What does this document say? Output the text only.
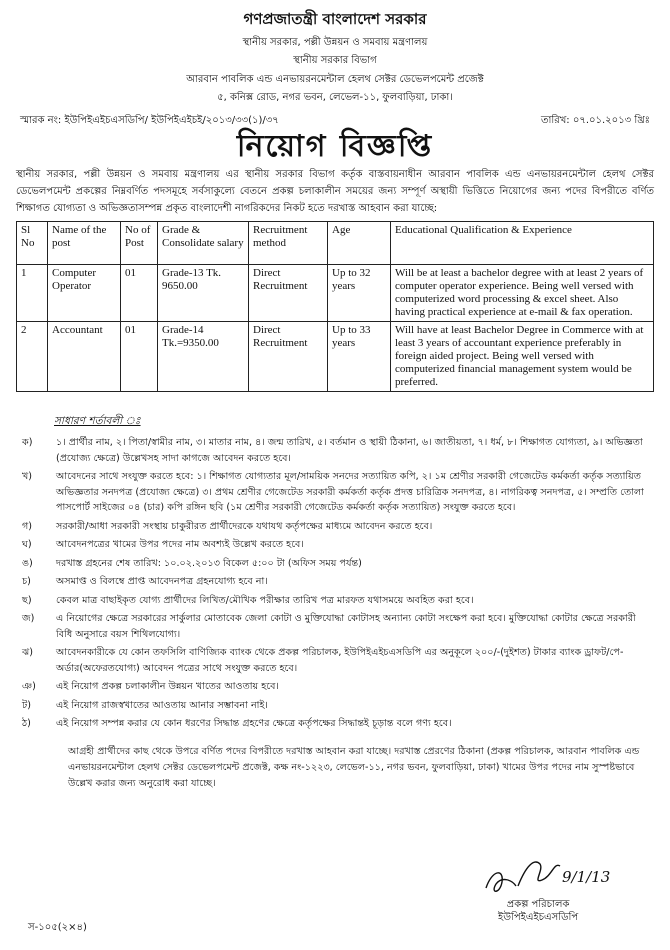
গণপ্রজাতন্ত্রী বাংলাদেশ সরকার
স্থানীয় সরকার, পল্লী উন্নয়ন ও সমবায় মন্ত্রণালয়
স্থানীয় সরকার বিভাগ
আরবান পাবলিক এন্ড এনভায়রনমেন্টাল হেলথ সেক্টর ডেভেলপমেন্ট প্রজেক্ট
৫, কনিক্স রোড, নগর ভবন, লেভেল-১১, ফুলবাড়িয়া, ঢাকা।
স্মারক নং: ইউপিইএইচএসডিপি/ ইউপিইএইচই/২০১৩/৩৩(১)/৩৭	তারিখ: ০৭.০১.২০১৩ খ্রিঃ
নিয়োগ বিজ্ঞপ্তি
স্থানীয় সরকার, পল্লী উন্নয়ন ও সমবায় মন্ত্রণালয় এর স্থানীয় সরকার বিভাগ কর্তৃক বাস্তবায়নাধীন আরবান পাবলিক এন্ড এনভায়রনমেন্টাল হেলথ সেক্টর ডেভেলপমেন্ট প্রকল্পের নিম্নবর্ণিত পদসমূহে সর্বসাকুল্যে বেতনে প্রকল্প চলাকালীন সময়ের জন্য সম্পূর্ণ অস্থায়ী ভিত্তিতে নিয়োগের জন্য পদের বিপরীতে বর্ণিত শিক্ষাগত যোগ্যতা ও অভিজ্ঞতাসম্পন্ন প্রকৃত বাংলাদেশী নাগরিকদের নিকট হতে দরখাস্ত আহবান করা যাচ্ছে:
Sl No	Name of the post	No of Post	Grade & Consolidate salary	Recruitment method	Age	Educational Qualification & Experience
1	Computer Operator	01	Grade-13 Tk. 9650.00	Direct Recruitment	Up to 32 years	Will be at least a bachelor degree with at least 2 years of computer operator experience. Being well versed with computerized word processing & excel sheet. Also having practical experience at e-mail & fax operation.
2	Accountant	01	Grade-14 Tk.=9350.00	Direct Recruitment	Up to 33 years	Will have at least Bachelor Degree in Commerce with at least 3 years of accountant experience preferably in foreign aided project. Being well versed with computerized financial management system would be preferred.
সাধারণ শর্তাবলী ঃ
ক)	১। প্রার্থীর নাম, ২। পিতা/স্বামীর নাম, ৩। মাতার নাম, ৪। জন্ম তারিখ, ৫। বর্তমান ও স্থায়ী ঠিকানা, ৬। জাতীয়তা, ৭। ধর্ম, ৮। শিক্ষাগত যোগ্যতা, ৯। অভিজ্ঞতা (প্রযোজ্য ক্ষেত্রে) উল্লেখসহ সাদা কাগজে আবেদন করতে হবে।
খ)	আবেদনের সাথে সংযুক্ত করতে হবে: ১। শিক্ষাগত যোগ্যতার মূল/সাময়িক সনদের সত্যায়িত কপি, ২। ১ম শ্রেণীর সরকারী গেজেটেড কর্মকর্তা কর্তৃক সত্যায়িত অভিজ্ঞতার সনদপত্র (প্রযোজ্য ক্ষেত্রে) ৩। প্রথম শ্রেণীর গেজেটেড সরকারী কর্মকর্তা কর্তৃক প্রদত্ত চারিত্রিক সনদপত্র, ৪। নাগরিকত্ব সনদপত্র, ৫। সম্প্রতি তোলা পাসপোর্ট সাইজের ০৪ (চার) কপি রঙ্গিন ছবি (১ম শ্রেণীর সরকারী গেজেটেড কর্মকর্তা কর্তৃক সত্যায়িত) সংযুক্ত করতে হবে।
গ)	সরকারী/আধা সরকারী সংস্থায় চাকুরীরত প্রার্থীদেরকে যথাযথ কর্তৃপক্ষের মাধ্যমে আবেদন করতে হবে।
ঘ)	আবেদনপত্রের খামের উপর পদের নাম অবশ্যই উল্লেখ করতে হবে।
ঙ)	দরখাস্ত গ্রহনের শেষ তারিখ: ১০.০২.২০১৩ বিকেল ৫:০০ টা (অফিস সময় পর্যন্ত)
চ)	অসমাপ্ত ও বিলম্বে প্রাপ্ত আবেদনপত্র গ্রহনযোগ্য হবে না।
ছ)	কেবল মাত্র বাছাইকৃত যোগ্য প্রার্থীদের লিখিত/মৌখিক পরীক্ষার তারিখ পত্র মারফত যথাসময়ে অবহিত করা হবে।
জ)	এ নিয়োগের ক্ষেত্রে সরকারের সার্কুলার মোতাবেক জেলা কোটা ও মুক্তিযোদ্ধা কোটাসহ অন্যান্য কোটা সংক্ষেপ করা হবে। মুক্তিযোদ্ধা কোটার ক্ষেত্রে সরকারী বিধি অনুসারে বয়স শিথিলযোগ্য।
ঝ)	আবেদনকারীকে যে কোন তফসিলি বাণিজ্যিক ব্যাংক থেকে প্রকল্প পরিচালক, ইউপিইএইচএসডিপি এর অনুকূলে ২০০/-(দুইশত) টাকার ব্যাংক ড্রাফট/পে-অর্ডার(অফেরতযোগ্য) আবেদন পত্রের সাথে সংযুক্ত করতে হবে।
ঞ)	এই নিয়োগ প্রকল্প চলাকালীন উন্নয়ন খাতের আওতায় হবে।
ট)	এই নিয়োগ রাজস্বখাতের আওতায় আনার সম্ভাবনা নাই।
ঠ)	এই নিয়োগ সম্পন্ন করার যে কোন ধরণের সিদ্ধান্ত গ্রহণের ক্ষেত্রে কর্তৃপক্ষের সিদ্ধান্তই চূড়ান্ত বলে গণ্য হবে।
আগ্রহী প্রার্থীদের কাছ থেকে উপরে বর্ণিত পদের বিপরীতে দরখাস্ত আহবান করা যাচ্ছে। দরখাস্ত প্রেরণের ঠিকানা (প্রকল্প পরিচালক, আরবান পাবলিক এন্ড এনভায়রনমেন্টাল হেলথ সেক্টর ডেভেলপমেন্ট প্রজেক্ট, কক্ষ নং-১২২৩, লেভেল-১১, নগর ভবন, ফুলবাড়িয়া, ঢাকা) খামের উপর পদের নাম সুস্পষ্টভাবে উল্লেখ করার জন্য অনুরোধ করা যাচ্ছে।
9/1/13
প্রকল্প পরিচালক
ইউপিইএইচএসডিপি
স-১০৫(২×৪)
